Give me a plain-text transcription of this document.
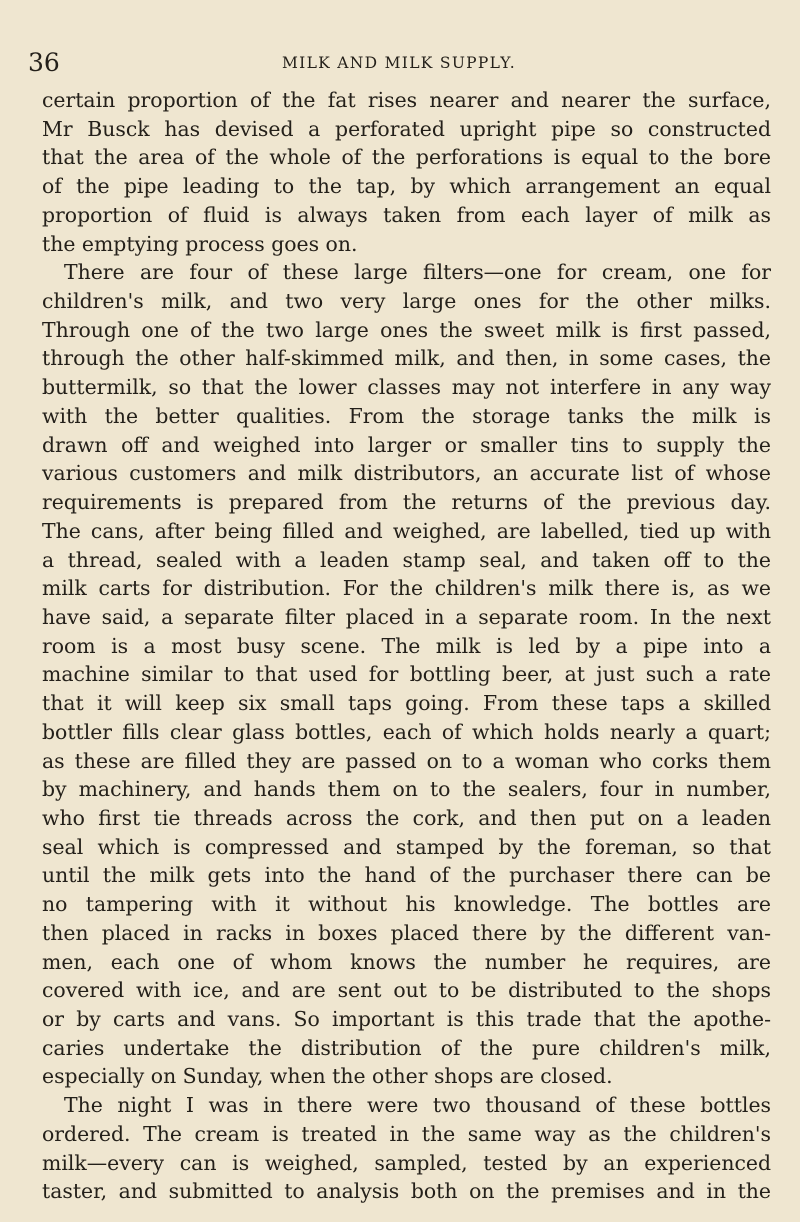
36	MILK AND MILK SUPPLY.
certain proportion of the fat rises nearer and nearer the surface,
Mr Busck has devised a perforated upright pipe so constructed
that the area of the whole of the perforations is equal to the bore
of the pipe leading to the tap, by which arrangement an equal
proportion of fluid is always taken from each layer of milk as
the emptying process goes on.
There are four of these large filters—one for cream, one for
children's milk, and two very large ones for the other milks.
Through one of the two large ones the sweet milk is first passed,
through the other half-skimmed milk, and then, in some cases, the
buttermilk, so that the lower classes may not interfere in any way
with the better qualities. From the storage tanks the milk is
drawn off and weighed into larger or smaller tins to supply the
various customers and milk distributors, an accurate list of whose
requirements is prepared from the returns of the previous day.
The cans, after being filled and weighed, are labelled, tied up with
a thread, sealed with a leaden stamp seal, and taken off to the
milk carts for distribution. For the children's milk there is, as we
have said, a separate filter placed in a separate room. In the next
room is a most busy scene. The milk is led by a pipe into a
machine similar to that used for bottling beer, at just such a rate
that it will keep six small taps going. From these taps a skilled
bottler fills clear glass bottles, each of which holds nearly a quart;
as these are filled they are passed on to a woman who corks them
by machinery, and hands them on to the sealers, four in number,
who first tie threads across the cork, and then put on a leaden
seal which is compressed and stamped by the foreman, so that
until the milk gets into the hand of the purchaser there can be
no tampering with it without his knowledge. The bottles are
then placed in racks in boxes placed there by the different van-
men, each one of whom knows the number he requires, are
covered with ice, and are sent out to be distributed to the shops
or by carts and vans. So important is this trade that the apothe-
caries undertake the distribution of the pure children's milk,
especially on Sunday, when the other shops are closed.
The night I was in there were two thousand of these bottles
ordered. The cream is treated in the same way as the children's
milk—every can is weighed, sampled, tested by an experienced
taster, and submitted to analysis both on the premises and in the
